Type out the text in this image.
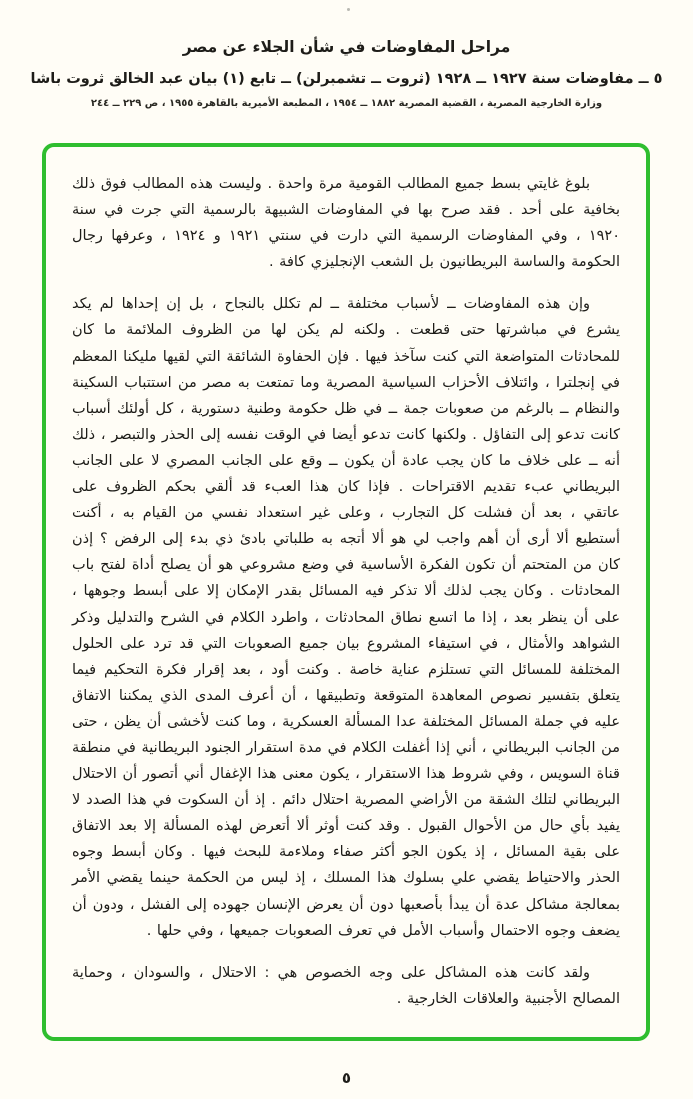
مراحل المفاوضات في شأن الجلاء عن مصر
٥ ــ مفاوضات سنة ١٩٢٧ ــ ١٩٢٨ (ثروت ــ تشمبرلن) ــ تابع (١) بيان عبد الخالق ثروت باشا
وزارة الخارجية المصرية ، القضية المصرية ١٨٨٢ ــ ١٩٥٤ ، المطبعة الأميرية بالقاهرة ١٩٥٥ ، ص ٢٢٩ ــ ٢٤٤

بلوغ غايتي بسط جميع المطالب القومية مرة واحدة . وليست هذه المطالب فوق ذلك بخافية على أحد . فقد صرح بها في المفاوضات الشبيهة بالرسمية التي جرت في سنة ١٩٢٠ ، وفي المفاوضات الرسمية التي دارت في سنتي ١٩٢١ و ١٩٢٤ ، وعرفها رجال الحكومة والساسة البريطانيون بل الشعب الإنجليزي كافة .

وإن هذه المفاوضات ــ لأسباب مختلفة ــ لم تكلل بالنجاح ، بل إن إحداها لم يكد يشرع في مباشرتها حتى قطعت . ولكنه لم يكن لها من الظروف الملائمة ما كان للمحادثات المتواضعة التي كنت سآخذ فيها . فإن الحفاوة الشائقة التي لقيها مليكنا المعظم في إنجلترا ، وائتلاف الأحزاب السياسية المصرية وما تمتعت به مصر من استتباب السكينة والنظام ــ بالرغم من صعوبات جمة ــ في ظل حكومة وطنية دستورية ، كل أولئك أسباب كانت تدعو إلى التفاؤل . ولكنها كانت تدعو أيضا في الوقت نفسه إلى الحذر والتبصر ، ذلك أنه ــ على خلاف ما كان يجب عادة أن يكون ــ وقع على الجانب المصري لا على الجانب البريطاني عبء تقديم الاقتراحات . فإذا كان هذا العبء قد ألقي بحكم الظروف على عاتقي ، بعد أن فشلت كل التجارب ، وعلى غير استعداد نفسي من القيام به ، أكنت أستطيع ألا أرى أن أهم واجب لي هو ألا أتجه به طلباتي بادئ ذي بدء إلى الرفض ؟ إذن كان من المتحتم أن تكون الفكرة الأساسية في وضع مشروعي هو أن يصلح أداة لفتح باب المحادثات . وكان يجب لذلك ألا تذكر فيه المسائل بقدر الإمكان إلا على أبسط وجوهها ، على أن ينظر بعد ، إذا ما اتسع نطاق المحادثات ، واطرد الكلام في الشرح والتدليل وذكر الشواهد والأمثال ، في استيفاء المشروع بيان جميع الصعوبات التي قد ترد على الحلول المختلفة للمسائل التي تستلزم عناية خاصة . وكنت أود ، بعد إقرار فكرة التحكيم فيما يتعلق بتفسير نصوص المعاهدة المتوقعة وتطبيقها ، أن أعرف المدى الذي يمكننا الاتفاق عليه في جملة المسائل المختلفة عدا المسألة العسكرية ، وما كنت لأخشى أن يظن ، حتى من الجانب البريطاني ، أني إذا أغفلت الكلام في مدة استقرار الجنود البريطانية في منطقة قناة السويس ، وفي شروط هذا الاستقرار ، يكون معنى هذا الإغفال أني أتصور أن الاحتلال البريطاني لتلك الشقة من الأراضي المصرية احتلال دائم . إذ أن السكوت في هذا الصدد لا يفيد بأي حال من الأحوال القبول . وقد كنت أوثر ألا أتعرض لهذه المسألة إلا بعد الاتفاق على بقية المسائل ، إذ يكون الجو أكثر صفاء وملاءمة للبحث فيها . وكان أبسط وجوه الحذر والاحتياط يقضي علي بسلوك هذا المسلك ، إذ ليس من الحكمة حينما يقضي الأمر بمعالجة مشاكل عدة أن يبدأ بأصعبها دون أن يعرض الإنسان جهوده إلى الفشل ، ودون أن يضعف وجوه الاحتمال وأسباب الأمل في تعرف الصعوبات جميعها ، وفي حلها .

ولقد كانت هذه المشاكل على وجه الخصوص هي : الاحتلال ، والسودان ، وحماية المصالح الأجنبية والعلاقات الخارجية .

٥
